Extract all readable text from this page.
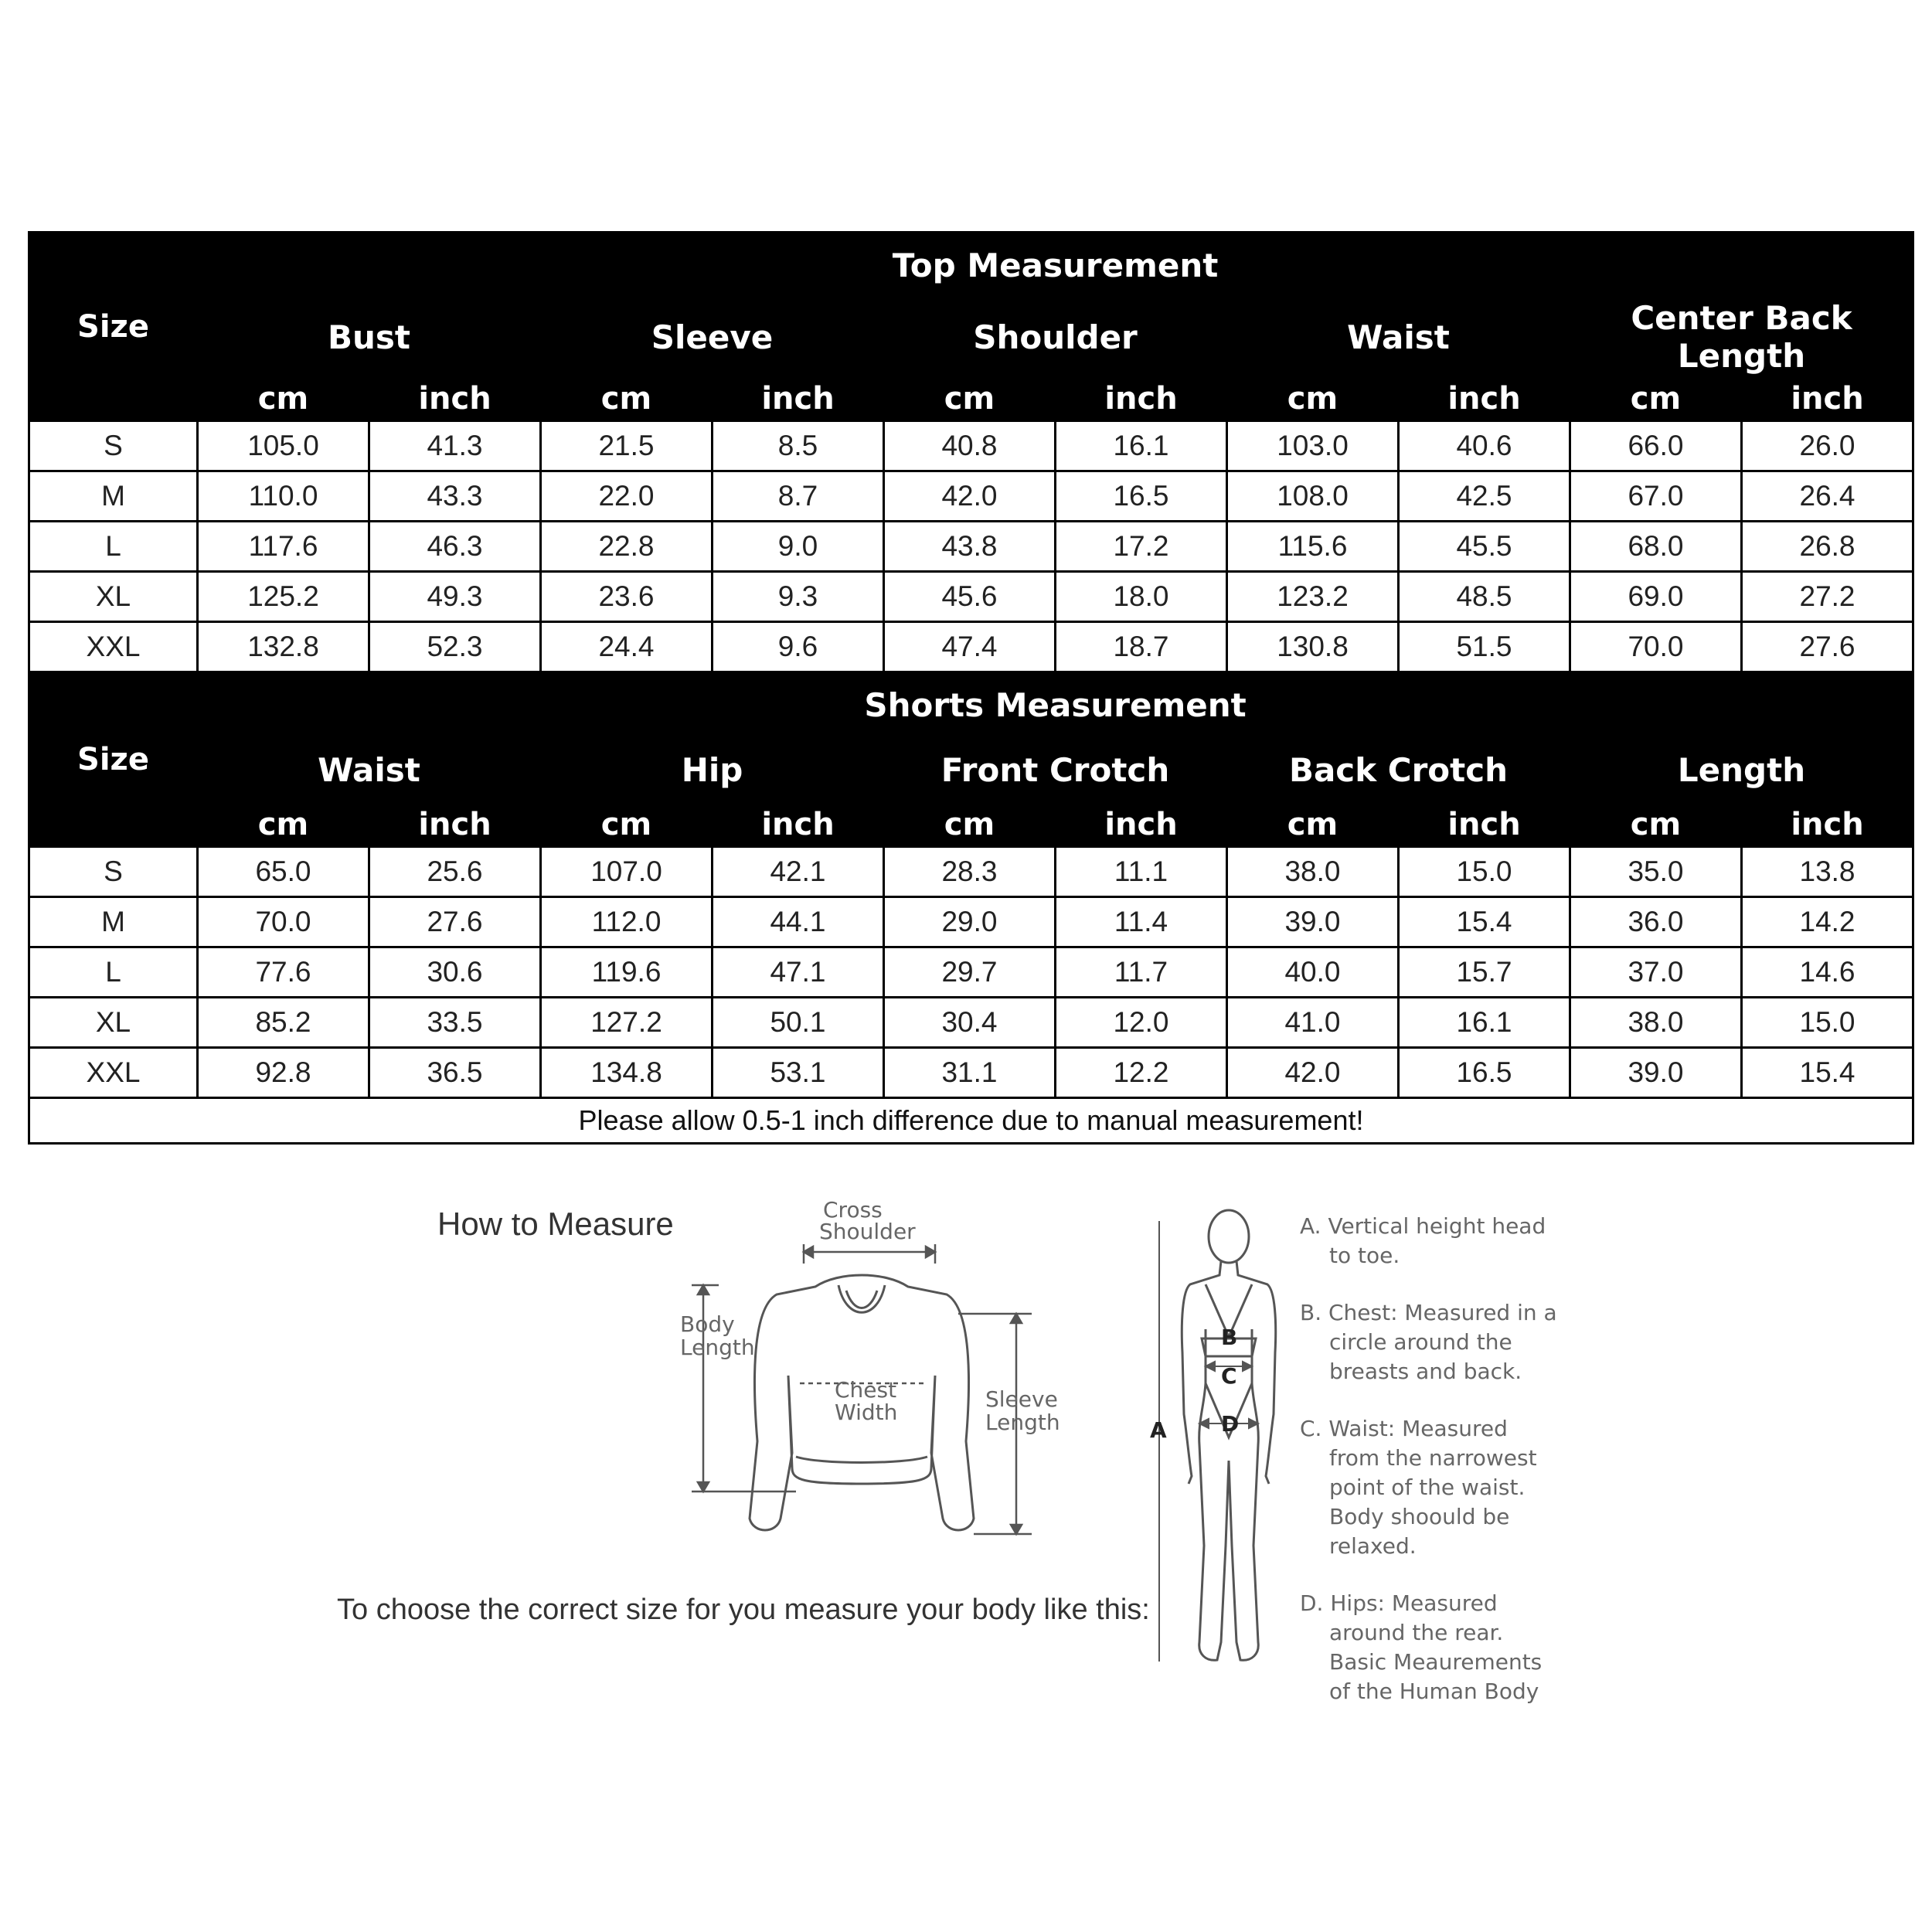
Size	Top Measurement									
	Bust		Sleeve		Shoulder		Waist		Center Back Length	
	cm	inch	cm	inch	cm	inch	cm	inch	cm	inch
S	105.0	41.3	21.5	8.5	40.8	16.1	103.0	40.6	66.0	26.0
M	110.0	43.3	22.0	8.7	42.0	16.5	108.0	42.5	67.0	26.4
L	117.6	46.3	22.8	9.0	43.8	17.2	115.6	45.5	68.0	26.8
XL	125.2	49.3	23.6	9.3	45.6	18.0	123.2	48.5	69.0	27.2
XXL	132.8	52.3	24.4	9.6	47.4	18.7	130.8	51.5	70.0	27.6
Size	Shorts Measurement									
	Waist		Hip		Front Crotch		Back Crotch		Length	
	cm	inch	cm	inch	cm	inch	cm	inch	cm	inch
S	65.0	25.6	107.0	42.1	28.3	11.1	38.0	15.0	35.0	13.8
M	70.0	27.6	112.0	44.1	29.0	11.4	39.0	15.4	36.0	14.2
L	77.6	30.6	119.6	47.1	29.7	11.7	40.0	15.7	37.0	14.6
XL	85.2	33.5	127.2	50.1	30.4	12.0	41.0	16.1	38.0	15.0
XXL	92.8	36.5	134.8	53.1	31.1	12.2	42.0	16.5	39.0	15.4
Please allow 0.5-1 inch difference due to manual measurement!										
How to Measure
To choose the correct size for you measure your body like this:
Cross
Shoulder
Body
Length
Chest
Width
Sleeve
Length	A
B
C
D

A. Vertical height head
to toe.

B. Chest: Measured in a
circle around the
breasts and back.

C. Waist: Measured
from the narrowest
point of the waist.
Body shoould be
relaxed.

D. Hips: Measured
around the rear.
Basic Meaurements
of the Human Body
